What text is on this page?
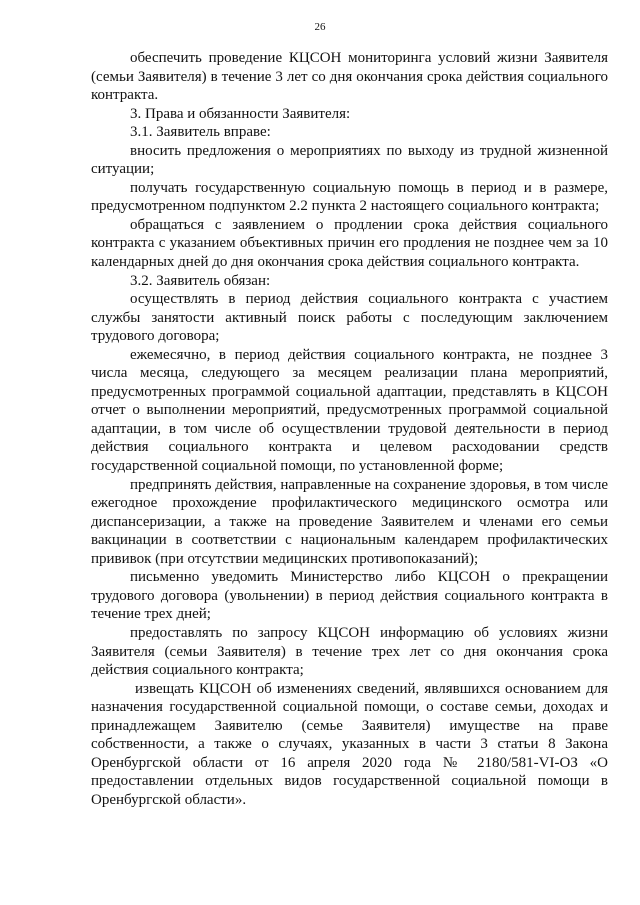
26

обеспечить проведение КЦСОН мониторинга условий жизни Заявителя (семьи Заявителя) в течение 3 лет со дня окончания срока действия социального контракта.

3. Права и обязанности Заявителя:

3.1. Заявитель вправе:

вносить предложения о мероприятиях по выходу из трудной жизненной ситуации;

получать государственную социальную помощь в период и в размере, предусмотренном подпунктом 2.2 пункта 2 настоящего социального контракта;

обращаться с заявлением о продлении срока действия социального контракта с указанием объективных причин его продления не позднее чем за 10 календарных дней до дня окончания срока действия социального контракта.

3.2. Заявитель обязан:

осуществлять в период действия социального контракта с участием службы занятости активный поиск работы с последующим заключением трудового договора;

ежемесячно, в период действия социального контракта, не позднее 3 числа месяца, следующего за месяцем реализации плана мероприятий, предусмотренных программой социальной адаптации, представлять в КЦСОН отчет о выполнении мероприятий, предусмотренных программой социальной адаптации, в том числе об осуществлении трудовой деятельности в период действия социального контракта и целевом расходовании средств государственной социальной помощи, по установленной форме;

предпринять действия, направленные на сохранение здоровья, в том числе ежегодное прохождение профилактического медицинского осмотра или диспансеризации, а также на проведение Заявителем и членами его семьи вакцинации в соответствии с национальным календарем профилактических прививок (при отсутствии медицинских противопоказаний);

письменно уведомить Министерство либо КЦСОН о прекращении трудового договора (увольнении) в период действия социального контракта в течение трех дней;

предоставлять по запросу КЦСОН информацию об условиях жизни Заявителя (семьи Заявителя) в течение трех лет со дня окончания срока действия социального контракта;

извещать КЦСОН об изменениях сведений, являвшихся основанием для назначения государственной социальной помощи, о составе семьи, доходах и принадлежащем Заявителю (семье Заявителя) имуществе на праве собственности, а также о случаях, указанных в части 3 статьи 8 Закона Оренбургской области от 16 апреля 2020 года № 2180/581-VI-ОЗ «О предоставлении отдельных видов государственной социальной помощи в Оренбургской области».
